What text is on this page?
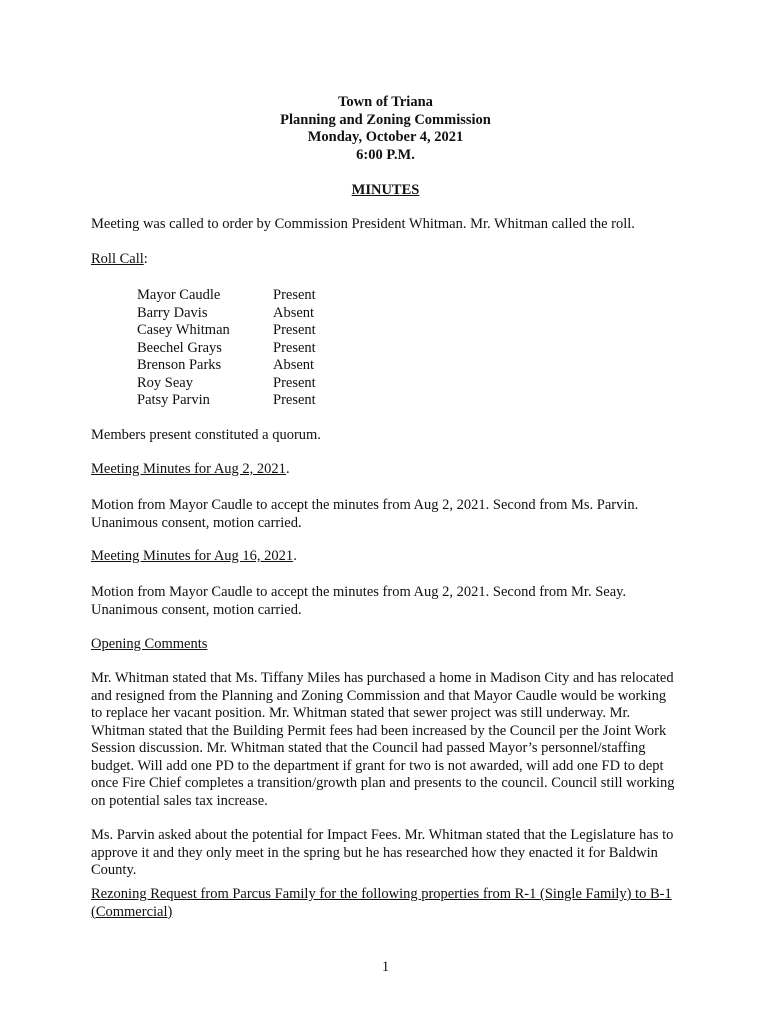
Town of Triana
Planning and Zoning Commission
Monday, October 4, 2021
6:00 P.M.
MINUTES

Meeting was called to order by Commission President Whitman. Mr. Whitman called the roll.

Roll Call:

Mayor Caudle	Present
Barry Davis	Absent
Casey Whitman	Present
Beechel Grays	Present
Brenson Parks	Absent
Roy Seay	Present
Patsy Parvin	Present

Members present constituted a quorum.

Meeting Minutes for Aug 2, 2021.

Motion from Mayor Caudle to accept the minutes from Aug 2, 2021. Second from Ms. Parvin. Unanimous consent, motion carried.

Meeting Minutes for Aug 16, 2021.

Motion from Mayor Caudle to accept the minutes from Aug 2, 2021. Second from Mr. Seay. Unanimous consent, motion carried.

Opening Comments

Mr. Whitman stated that Ms. Tiffany Miles has purchased a home in Madison City and has relocated and resigned from the Planning and Zoning Commission and that Mayor Caudle would be working to replace her vacant position. Mr. Whitman stated that sewer project was still underway. Mr. Whitman stated that the Building Permit fees had been increased by the Council per the Joint Work Session discussion. Mr. Whitman stated that the Council had passed Mayor’s personnel/staffing budget. Will add one PD to the department if grant for two is not awarded, will add one FD to dept once Fire Chief completes a transition/growth plan and presents to the council. Council still working on potential sales tax increase.

Ms. Parvin asked about the potential for Impact Fees. Mr. Whitman stated that the Legislature has to approve it and they only meet in the spring but he has researched how they enacted it for Baldwin County.

Rezoning Request from Parcus Family for the following properties from R-1 (Single Family) to B-1 (Commercial)

1
